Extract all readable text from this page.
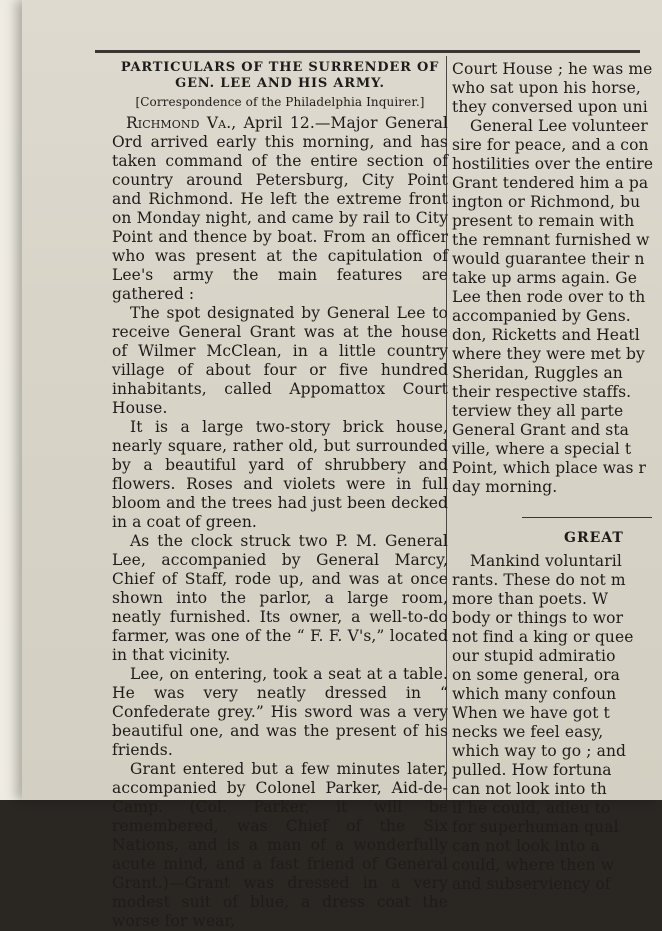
PARTICULARS OF THE SURRENDER OF GEN. LEE AND HIS ARMY.
[Correspondence of the Philadelphia Inquirer.]

Richmond Va., April 12.—Major General Ord arrived early this morning, and has taken command of the entire section of country around Petersburg, City Point and Richmond. He left the extreme front on Monday night, and came by rail to City Point and thence by boat. From an officer who was present at the capitulation of Lee's army the main features are gathered :

The spot designated by General Lee to receive General Grant was at the house of Wilmer McClean, in a little country village of about four or five hundred inhabitants, called Appomattox Court House.

It is a large two-story brick house, nearly square, rather old, but surrounded by a beautiful yard of shrubbery and flowers. Roses and violets were in full bloom and the trees had just been decked in a coat of green.

As the clock struck two P. M. General Lee, accompanied by General Marcy, Chief of Staff, rode up, and was at once shown into the parlor, a large room, neatly furnished. Its owner, a well-to-do farmer, was one of the “ F. F. V's,” located in that vicinity.

Lee, on entering, took a seat at a table. He was very neatly dressed in “ Confederate grey.” His sword was a very beautiful one, and was the present of his friends.

Grant entered but a few minutes later, accompanied by Colonel Parker, Aid-de-Camp. (Col. Parker, it will be remembered, was Chief of the Six Nations, and is a man of a wonderfully acute mind, and a fast friend of General Grant.)—Grant was dressed in a very modest suit of blue, a dress coat the worse for wear,

Court House ; he was me

who sat upon his horse,

they conversed upon uni

General Lee volunteer

sire for peace, and a con

hostilities over the entire

Grant tendered him a pa

ington or Richmond, bu

present to remain with

the remnant furnished w

would guarantee their n

take up arms again. Ge

Lee then rode over to th

accompanied by Gens.

don, Ricketts and Heatl

where they were met by

Sheridan, Ruggles an

their respective staffs.

terview they all parte

General Grant and sta

ville, where a special t

Point, which place was r

day morning.

GREAT

Mankind voluntaril

rants. These do not m

more than poets. W

body or things to wor

not find a king or quee

our stupid admiratio

on some general, ora

which many confoun

When we have got t

necks we feel easy,

which way to go ; and

pulled. How fortuna

can not look into th

if he could, adieu to

for superhuman qual

can not look into a

could, where then w

and subserviency of
